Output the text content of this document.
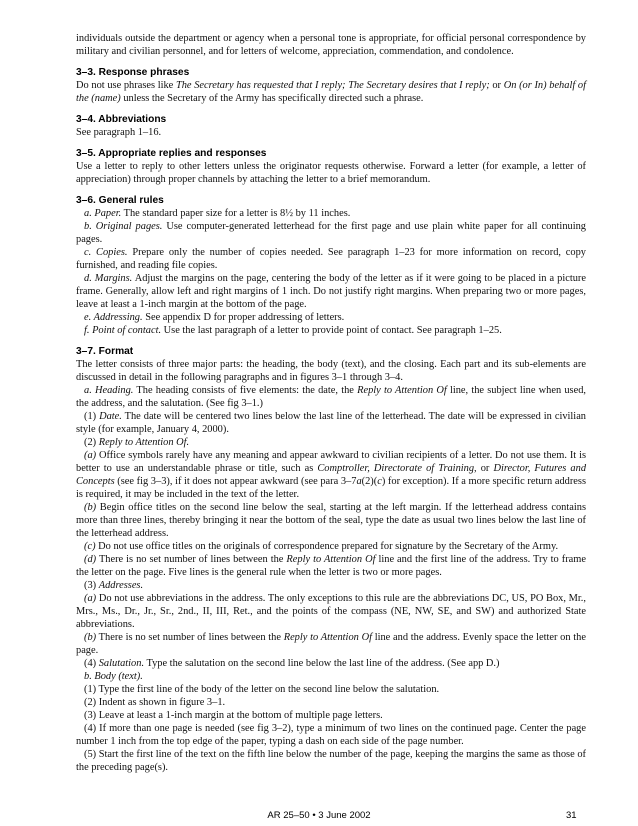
individuals outside the department or agency when a personal tone is appropriate, for official personal correspondence by military and civilian personnel, and for letters of welcome, appreciation, commendation, and condolence.

3–3. Response phrases

Do not use phrases like The Secretary has requested that I reply; The Secretary desires that I reply; or On (or In) behalf of the (name) unless the Secretary of the Army has specifically directed such a phrase.

3–4. Abbreviations

See paragraph 1–16.

3–5. Appropriate replies and responses

Use a letter to reply to other letters unless the originator requests otherwise. Forward a letter (for example, a letter of appreciation) through proper channels by attaching the letter to a brief memorandum.

3–6. General rules

a. Paper. The standard paper size for a letter is 8½ by 11 inches.

b. Original pages. Use computer-generated letterhead for the first page and use plain white paper for all continuing pages.

c. Copies. Prepare only the number of copies needed. See paragraph 1–23 for more information on record, copy furnished, and reading file copies.

d. Margins. Adjust the margins on the page, centering the body of the letter as if it were going to be placed in a picture frame. Generally, allow left and right margins of 1 inch. Do not justify right margins. When preparing two or more pages, leave at least a 1-inch margin at the bottom of the page.

e. Addressing. See appendix D for proper addressing of letters.

f. Point of contact. Use the last paragraph of a letter to provide point of contact. See paragraph 1–25.

3–7. Format

The letter consists of three major parts: the heading, the body (text), and the closing. Each part and its sub-elements are discussed in detail in the following paragraphs and in figures 3–1 through 3–4.

a. Heading. The heading consists of five elements: the date, the Reply to Attention Of line, the subject line when used, the address, and the salutation. (See fig 3–1.)

(1) Date. The date will be centered two lines below the last line of the letterhead. The date will be expressed in civilian style (for example, January 4, 2000).

(2) Reply to Attention Of.

(a) Office symbols rarely have any meaning and appear awkward to civilian recipients of a letter. Do not use them. It is better to use an understandable phrase or title, such as Comptroller, Directorate of Training, or Director, Futures and Concepts (see fig 3–3), if it does not appear awkward (see para 3–7a(2)(c) for exception). If a more specific return address is required, it may be included in the text of the letter.

(b) Begin office titles on the second line below the seal, starting at the left margin. If the letterhead address contains more than three lines, thereby bringing it near the bottom of the seal, type the date as usual two lines below the last line of the letterhead address.

(c) Do not use office titles on the originals of correspondence prepared for signature by the Secretary of the Army.

(d) There is no set number of lines between the Reply to Attention Of line and the first line of the address. Try to frame the letter on the page. Five lines is the general rule when the letter is two or more pages.

(3) Addresses.

(a) Do not use abbreviations in the address. The only exceptions to this rule are the abbreviations DC, US, PO Box, Mr., Mrs., Ms., Dr., Jr., Sr., 2nd., II, III, Ret., and the points of the compass (NE, NW, SE, and SW) and authorized State abbreviations.

(b) There is no set number of lines between the Reply to Attention Of line and the address. Evenly space the letter on the page.

(4) Salutation. Type the salutation on the second line below the last line of the address. (See app D.)

b. Body (text).

(1) Type the first line of the body of the letter on the second line below the salutation.

(2) Indent as shown in figure 3–1.

(3) Leave at least a 1-inch margin at the bottom of multiple page letters.

(4) If more than one page is needed (see fig 3–2), type a minimum of two lines on the continued page. Center the page number 1 inch from the top edge of the paper, typing a dash on each side of the page number.

(5) Start the first line of the text on the fifth line below the number of the page, keeping the margins the same as those of the preceding page(s).

AR 25–50 • 3 June 2002	31
